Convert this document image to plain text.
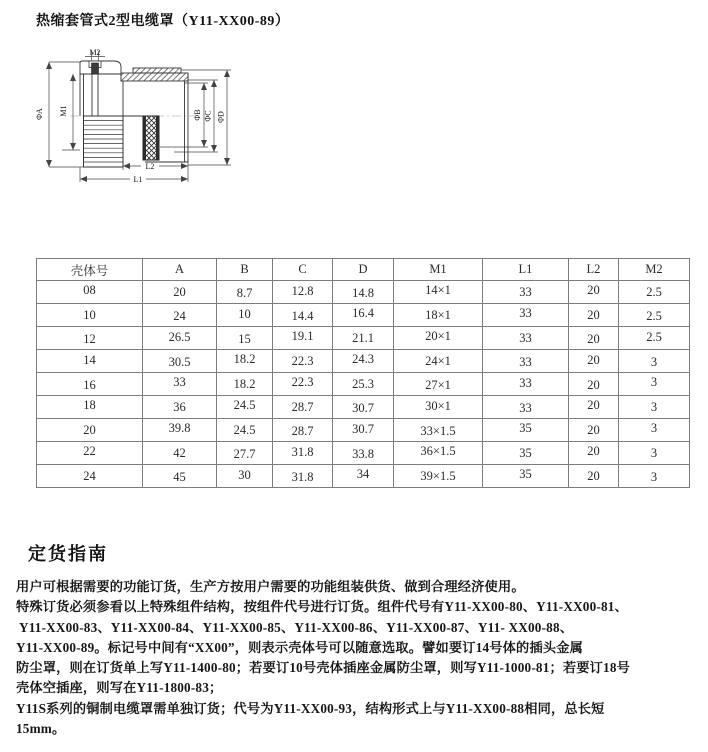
热缩套管式2型电缆罩（Y11-XX00-89）
M2
ΦA M1	ΦB ΦC ΦD
L2
L1
壳体号	A	B	C	D	M1	L1	L2	M2
08	20	8.7	12.8	14.8	14×1	33	20	2.5
10	24	10	14.4	16.4	18×1	33	20	2.5
12	26.5	15	19.1	21.1	20×1	33	20	2.5
14	30.5	18.2	22.3	24.3	24×1	33	20	3
16	33	18.2	22.3	25.3	27×1	33	20	3
18	36	24.5	28.7	30.7	30×1	33	20	3
20	39.8	24.5	28.7	30.7	33×1.5	35	20	3
22	42	27.7	31.8	33.8	36×1.5	35	20	3
24	45	30	31.8	34	39×1.5	35	20	3
定货指南
用户可根据需要的功能订货，生产方按用户需要的功能组装供货、做到合理经济使用。
特殊订货必须参看以上特殊组件结构，按组件代号进行订货。组件代号有Y11-XX00-80、Y11-XX00-81、
Y11-XX00-83、Y11-XX00-84、Y11-XX00-85、Y11-XX00-86、Y11-XX00-87、Y11- XX00-88、
Y11-XX00-89。标记号中间有“XX00”，则表示壳体号可以随意选取。譬如要订14号体的插头金属
防尘罩，则在订货单上写Y11-1400-80；若要订10号壳体插座金属防尘罩，则写Y11-1000-81；若要订18号
壳体空插座，则写在Y11-1800-83；
Y11S系列的铜制电缆罩需单独订货；代号为Y11-XX00-93，结构形式上与Y11-XX00-88相同，总长短
15mm。
